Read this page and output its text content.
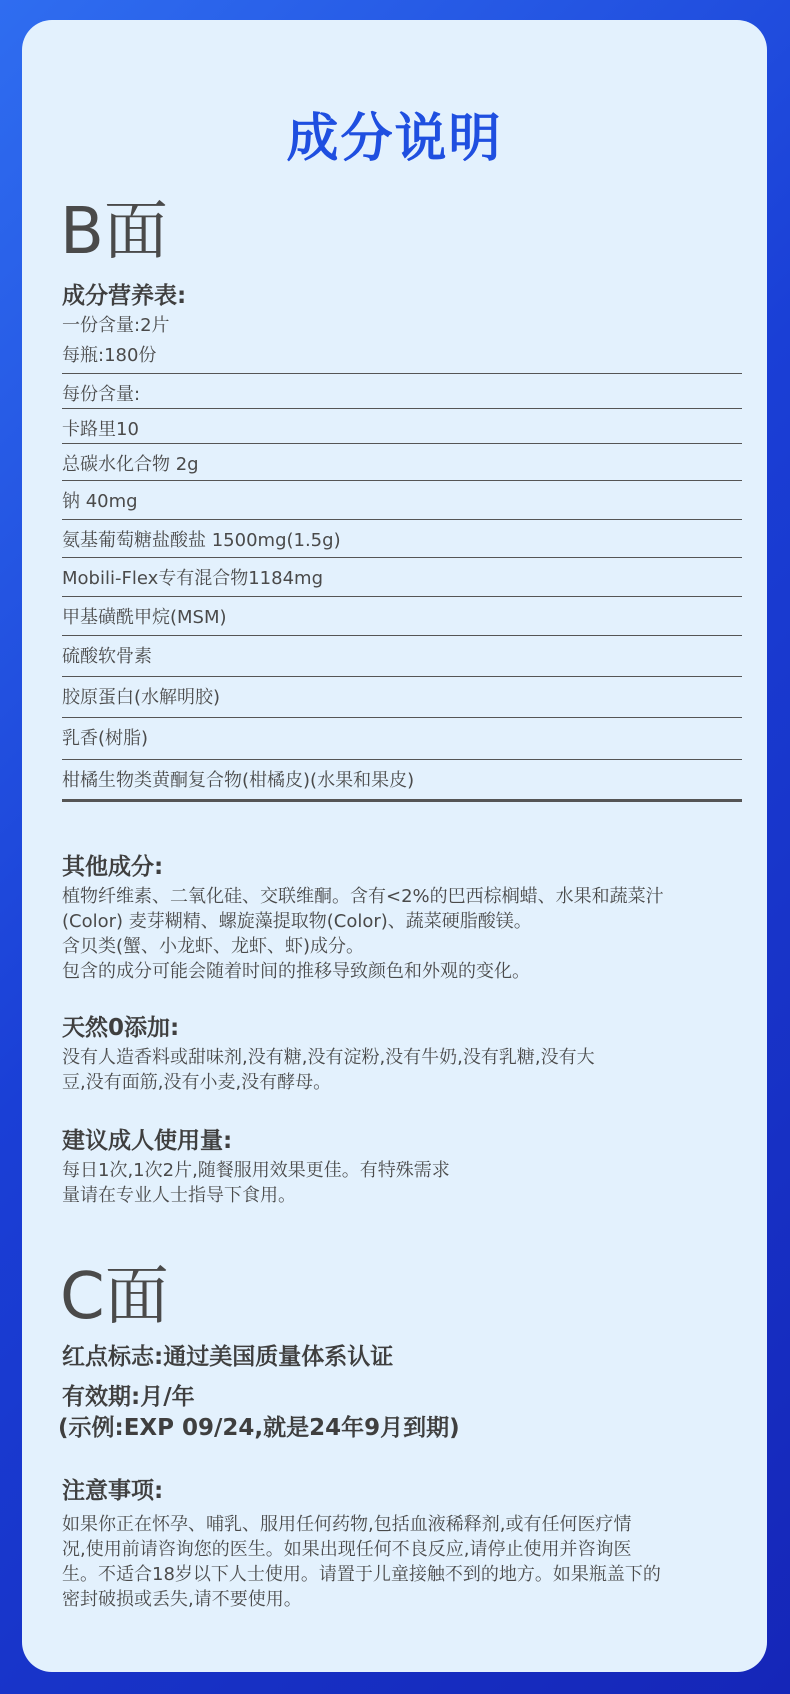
成分说明
B面
成分营养表:
一份含量:2片
每瓶:180份
每份含量:
卡路里10
总碳水化合物 2g
钠 40mg
氨基葡萄糖盐酸盐 1500mg(1.5g)
Mobili-Flex专有混合物1184mg
甲基磺酰甲烷(MSM)
硫酸软骨素
胶原蛋白(水解明胶)
乳香(树脂)
柑橘生物类黄酮复合物(柑橘皮)(水果和果皮)
其他成分:
植物纤维素、二氧化硅、交联维酮。含有<2%的巴西棕榈蜡、水果和蔬菜汁
(Color) 麦芽糊精、螺旋藻提取物(Color)、蔬菜硬脂酸镁。
含贝类(蟹、小龙虾、龙虾、虾)成分。
包含的成分可能会随着时间的推移导致颜色和外观的变化。
天然0添加:
没有人造香料或甜味剂,没有糖,没有淀粉,没有牛奶,没有乳糖,没有大
豆,没有面筋,没有小麦,没有酵母。
建议成人使用量:
每日1次,1次2片,随餐服用效果更佳。有特殊需求
量请在专业人士指导下食用。
C面
红点标志:通过美国质量体系认证
有效期:月/年
(示例:EXP 09/24,就是24年9月到期)
注意事项:
如果你正在怀孕、哺乳、服用任何药物,包括血液稀释剂,或有任何医疗情
况,使用前请咨询您的医生。如果出现任何不良反应,请停止使用并咨询医
生。不适合18岁以下人士使用。请置于儿童接触不到的地方。如果瓶盖下的
密封破损或丢失,请不要使用。
